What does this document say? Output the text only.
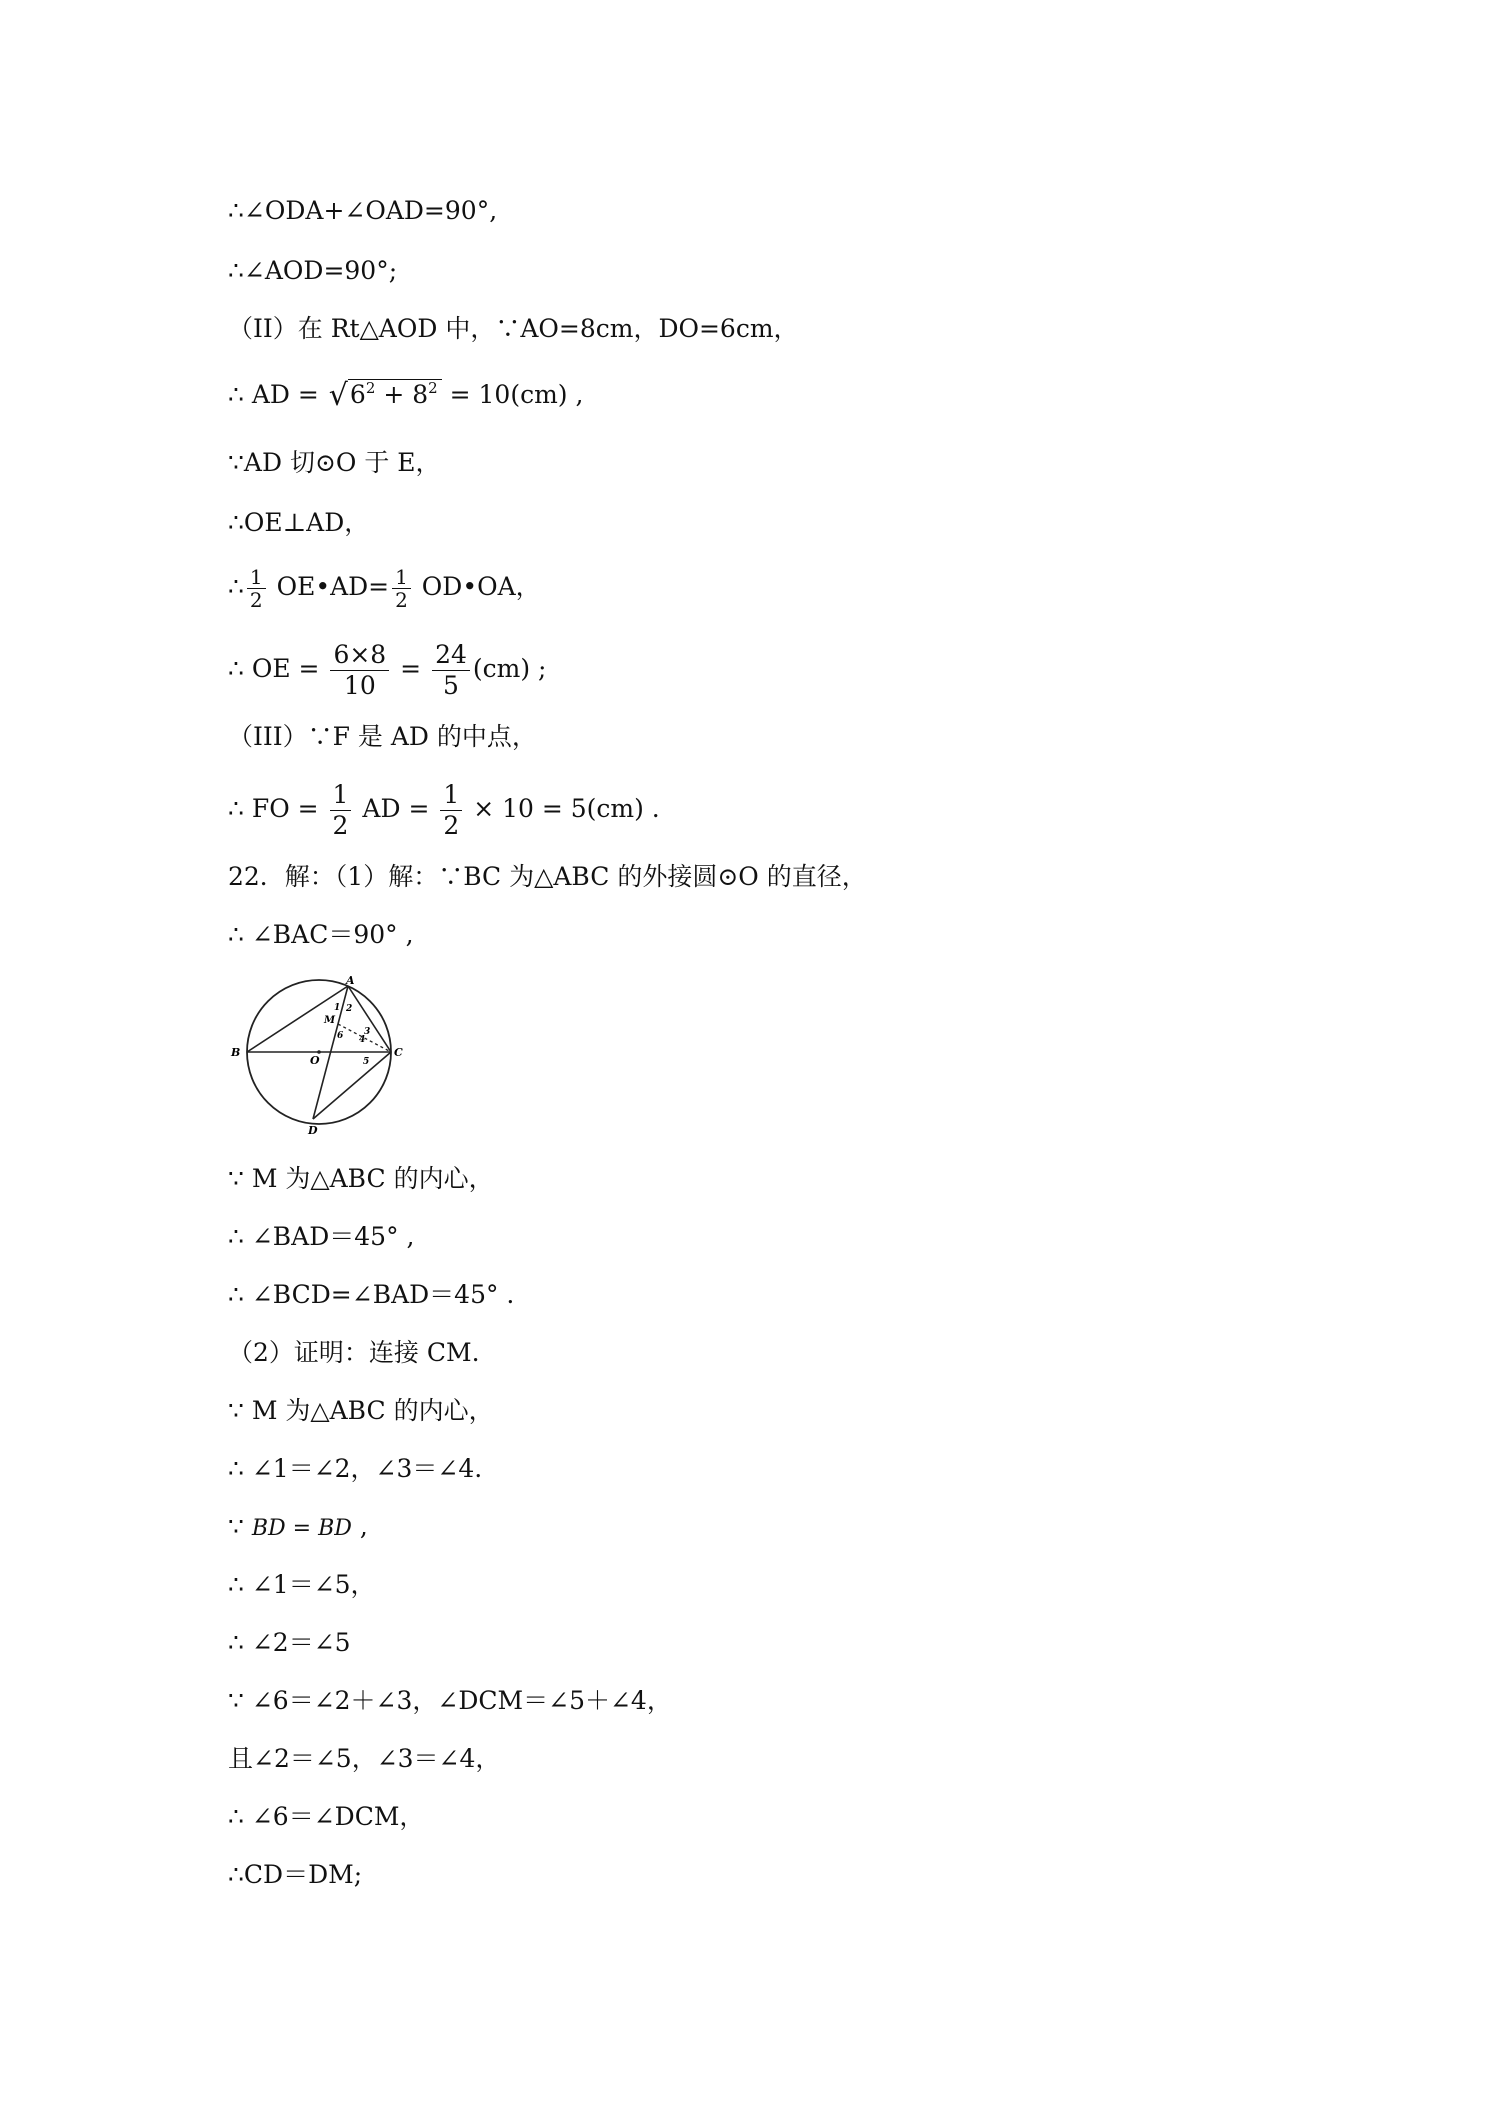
∴∠ODA+∠OAD=90°,
∴∠AOD=90°;
（II）在 Rt△AOD 中，∵AO=8cm，DO=6cm，
∴ AD = $√6^2 + 8^2 = 10(cm)$ ,
∵AD 切⊙O 于 E，
∴OE⊥AD，
∴ $\frac{1}{2}$ OE•AD= $\frac{1}{2}$ OD•OA，
∴ OE = $\frac{6\times 8}{10} = \frac{24}{5} (cm)$ ;
（III）∵F 是 AD 的中点，
∴ FO = $\frac{1}{2}$ AD = $\frac{1}{2} \times 10 = 5(cm)$ .
22．解：（1）解：∵BC 为△ABC 的外接圆⊙O 的直径，
∴ ∠BAC＝90° ,
A
B	C
D
O
M
1 2
3
4
5
6
∵ M 为△ABC 的内心，
∴ ∠BAD＝45° ,
∴ ∠BCD=∠BAD＝45° .
（2）证明：连接 CM.
∵ M 为△ABC 的内心，
∴ ∠1＝∠2，∠3＝∠4.
∵ BD = BD ,
∴ ∠1＝∠5，
∴ ∠2＝∠5
∵ ∠6＝∠2＋∠3，∠DCM＝∠5＋∠4，
且∠2＝∠5，∠3＝∠4，
∴ ∠6＝∠DCM，
∴CD＝DM;
